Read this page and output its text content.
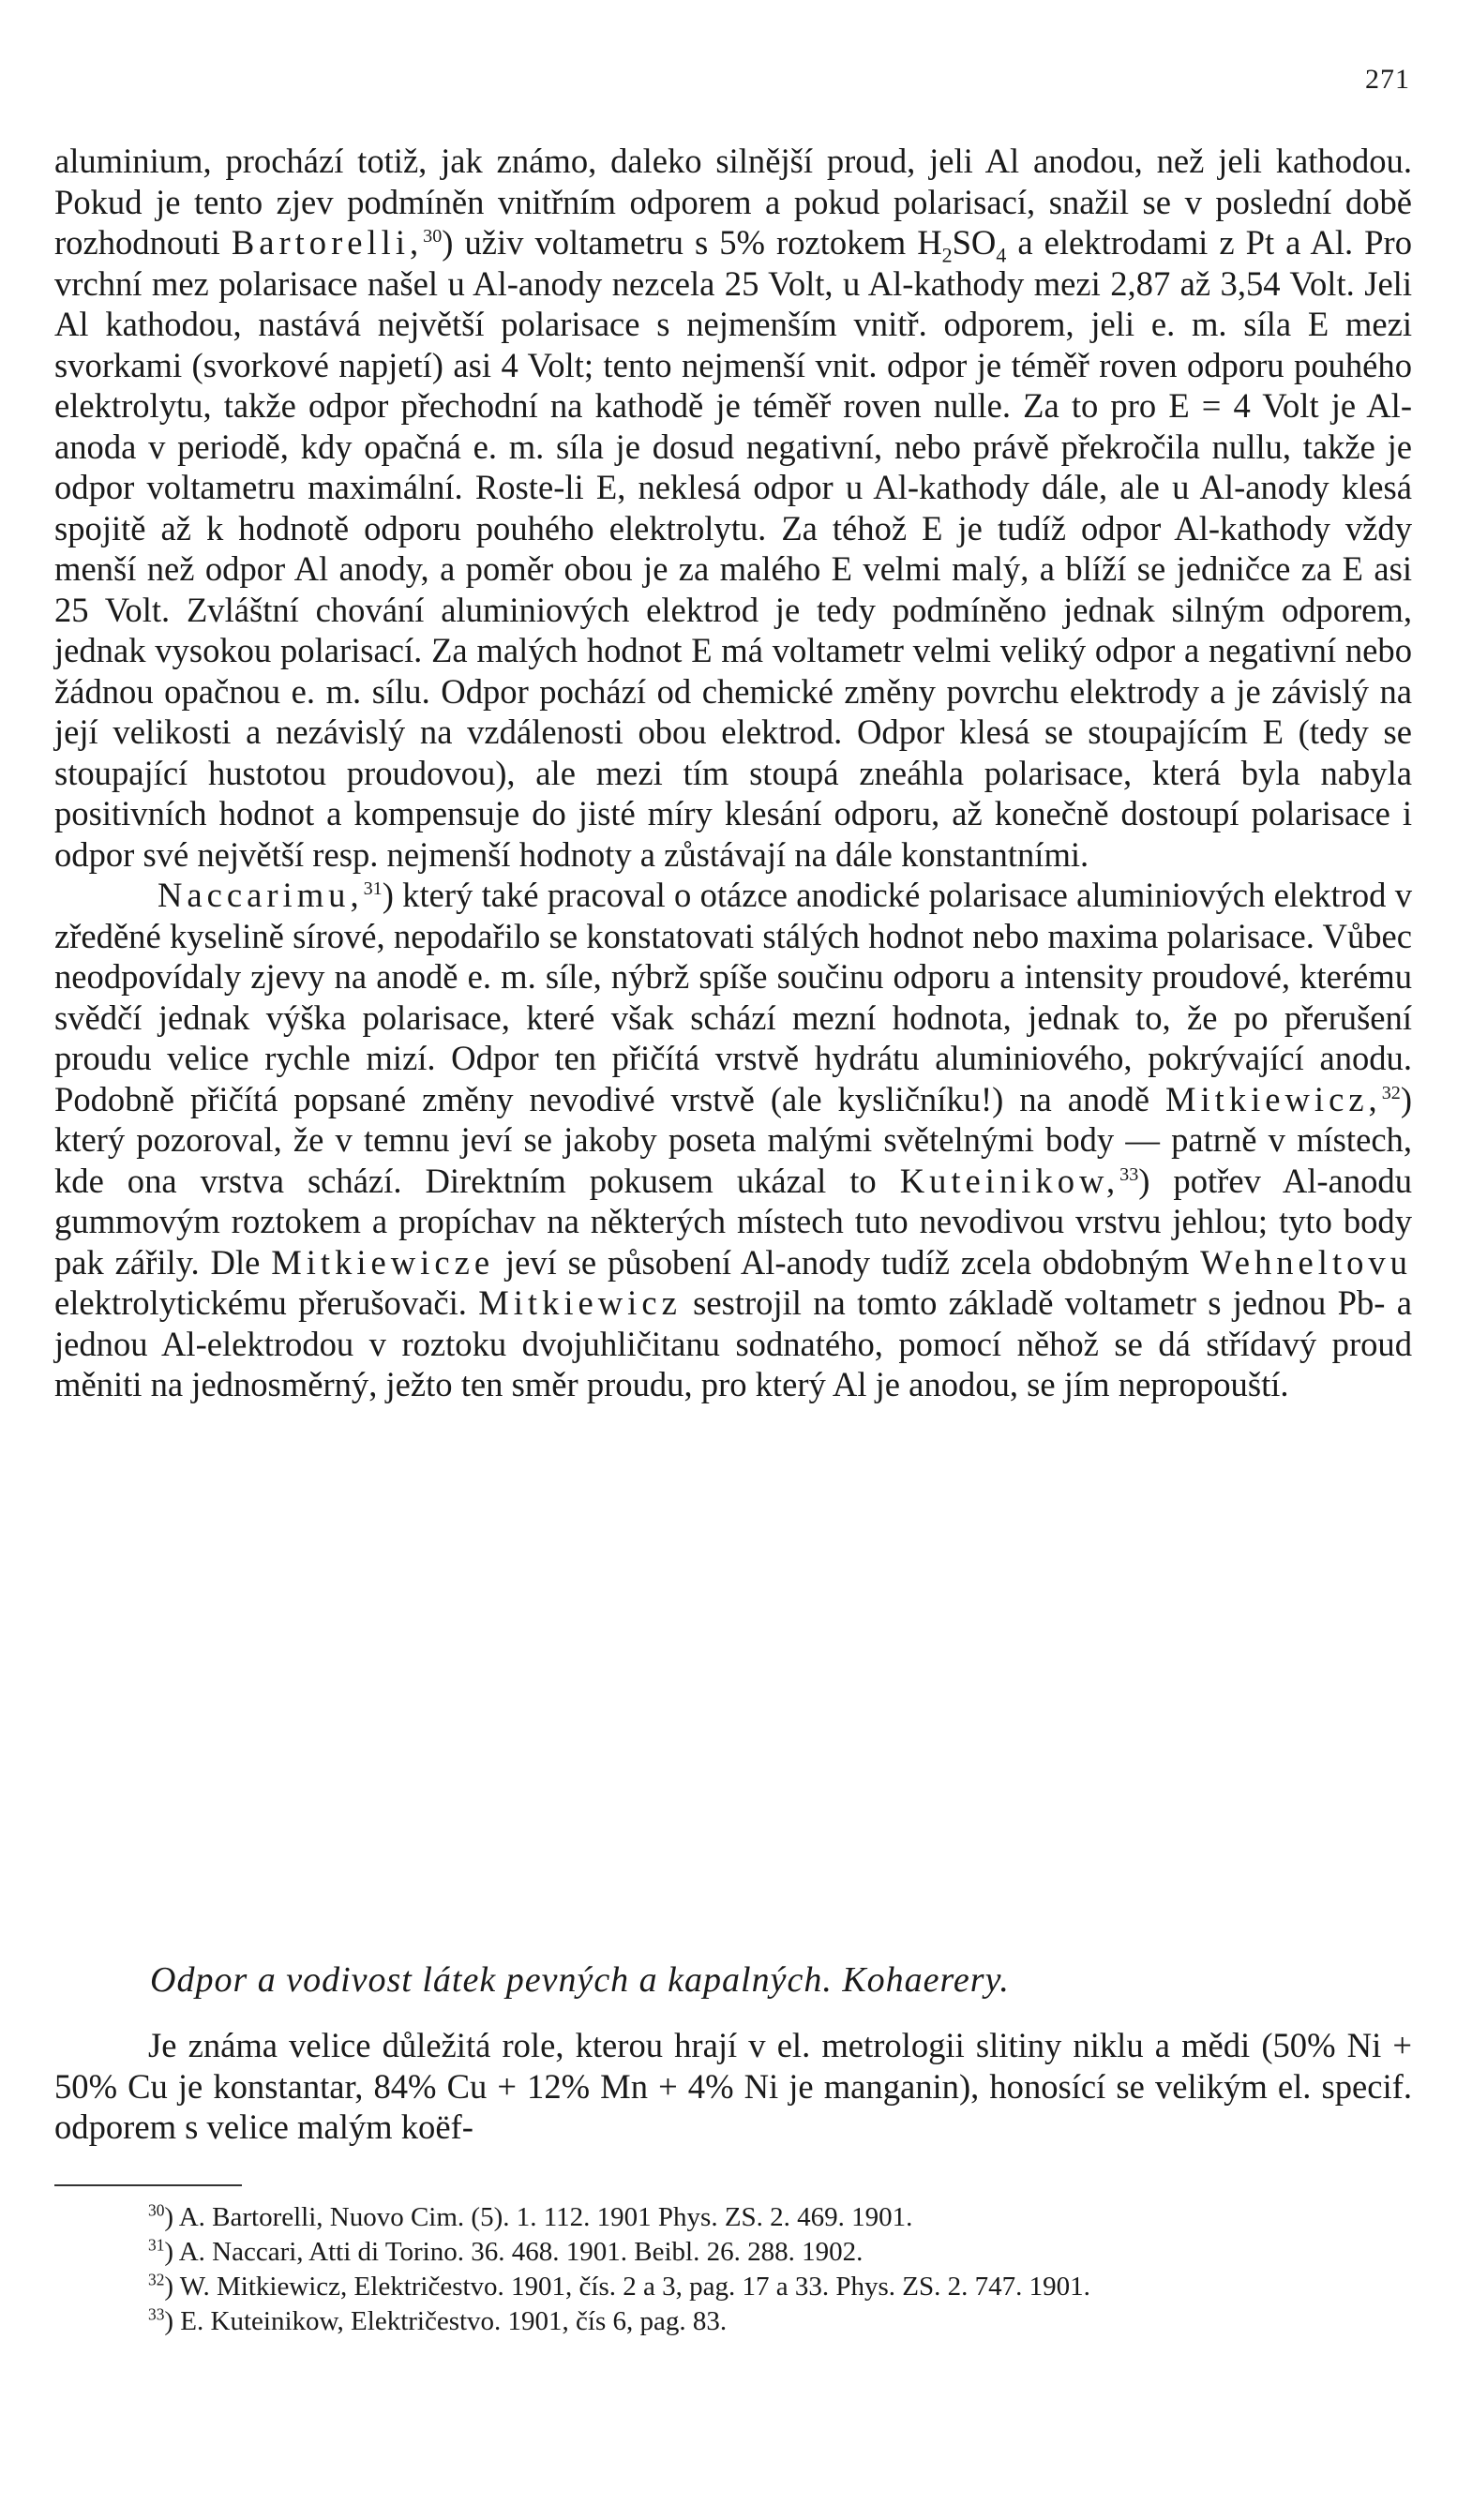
271

aluminium, prochází totiž, jak známo, daleko silnější proud, jeli Al anodou, než jeli kathodou. Pokud je tento zjev podmíněn vnitřním odporem a pokud polarisací, snažil se v poslední době rozhodnouti Bartorelli,$^{30}$) uživ voltametru s 5% roztokem $H_2SO_4$ a elektrodami z Pt a Al. Pro vrchní mez polarisace našel u Al-anody nezcela 25 Volt, u Al-kathody mezi 2,87 až 3,54 Volt. Jeli Al kathodou, nastává největší polarisace s nejmenším vnitř. odporem, jeli e. m. síla E mezi svorkami (svorkové napjetí) asi 4 Volt; tento nejmenší vnit. odpor je téměř roven odporu pouhého elektrolytu, takže odpor přechodní na kathodě je téměř roven nulle. Za to pro E = 4 Volt je Al-anoda v periodě, kdy opačná e. m. síla je dosud negativní, nebo právě překročila nullu, takže je odpor voltametru maximální. Roste-li E, neklesá odpor u Al-kathody dále, ale u Al-anody klesá spojitě až k hodnotě odporu pouhého elektrolytu. Za téhož E je tudíž odpor Al-kathody vždy menší než odpor Al anody, a poměr obou je za malého E velmi malý, a blíží se jedničce za E asi 25 Volt. Zvláštní chování aluminiových elektrod je tedy podmíněno jednak silným odporem, jednak vysokou polarisací. Za malých hodnot E má voltametr velmi veliký odpor a negativní nebo žádnou opačnou e. m. sílu. Odpor pochází od chemické změny povrchu elektrody a je závislý na její velikosti a nezávislý na vzdálenosti obou elektrod. Odpor klesá se stoupajícím E (tedy se stoupající hustotou proudovou), ale mezi tím stoupá zneáhla polarisace, která byla nabyla positivních hodnot a kompensuje do jisté míry klesání odporu, až konečně dostoupí polarisace i odpor své největší resp. nejmenší hodnoty a zůstávají na dále konstantními.

Naccarimu,$^{31}$) který také pracoval o otázce anodické polarisace aluminiových elektrod v zředěné kyselině sírové, nepodařilo se konstatovati stálých hodnot nebo maxima polarisace. Vůbec neodpovídaly zjevy na anodě e. m. síle, nýbrž spíše součinu odporu a intensity proudové, kterému svědčí jednak výška polarisace, které však schází mezní hodnota, jednak to, že po přerušení proudu velice rychle mizí. Odpor ten přičítá vrstvě hydrátu aluminiového, pokrývající anodu. Podobně přičítá popsané změny nevodivé vrstvě (ale kysličníku!) na anodě Mitkiewicz,$^{32}$) který pozoroval, že v temnu jeví se jakoby poseta malými světelnými body — patrně v místech, kde ona vrstva schází. Direktním pokusem ukázal to Kuteinikow,$^{33}$) potřev Al-anodu gummovým roztokem a propíchav na některých místech tuto nevodivou vrstvu jehlou; tyto body pak zářily. Dle Mitkiewicze jeví se působení Al-anody tudíž zcela obdobným Wehneltovu elektrolytickému přerušovači. Mitkiewicz sestrojil na tomto základě voltametr s jednou Pb- a jednou Al-elektrodou v roztoku dvojuhličitanu sodnatého, pomocí něhož se dá střídavý proud měniti na jednosměrný, ježto ten směr proudu, pro který Al je anodou, se jím nepropouští.

Odpor a vodivost látek pevných a kapalných. Kohaerery.

Je známa velice důležitá role, kterou hrají v el. metrologii slitiny niklu a mědi (50% Ni + 50% Cu je konstantar, 84% Cu + 12% Mn + 4% Ni je manganin), honosící se velikým el. specif. odporem s velice malým koëf-

$^{30}$) A. Bartorelli, Nuovo Cim. (5). 1. 112. 1901 Phys. ZS. 2. 469. 1901.

$^{31}$) A. Naccari, Atti di Torino. 36. 468. 1901. Beibl. 26. 288. 1902.

$^{32}$) W. Mitkiewicz, Električestvo. 1901, čís. 2 a 3, pag. 17 a 33. Phys. ZS. 2. 747. 1901.

$^{33}$) E. Kuteinikow, Električestvo. 1901, čís 6, pag. 83.
